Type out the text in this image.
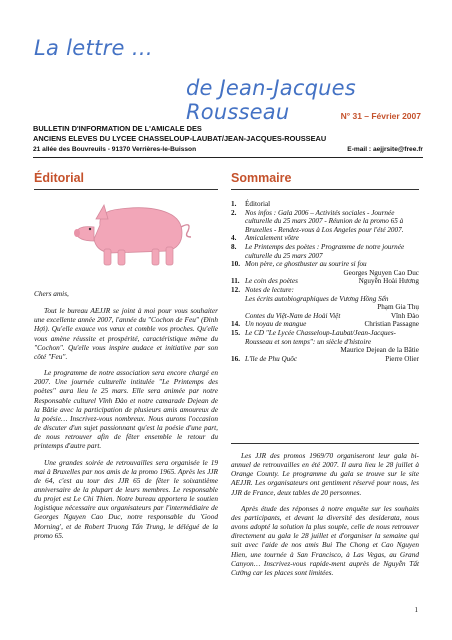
La lettre …
de Jean-Jacques Rousseau	N° 31 – Février 2007
BULLETIN D'INFORMATION DE L'AMICALE DES
ANCIENS ELEVES DU LYCEE CHASSELOUP-LAUBAT/JEAN-JACQUES-ROUSSEAU
21 allée des Bouvreuils - 91370 Verrières-le-Buisson	E-mail : aejjrsite@free.fr
Éditorial	Sommaire

Chers amis,

Tout le bureau AEJJR se joint à moi pour vous souhaiter une excellente année 2007, l'année du "Cochon de Feu" (Đinh Hợi). Qu'elle exauce vos vœux et comble vos proches. Qu'elle vous amène réussite et prospérité, caractéristique même du "Cochon". Qu'elle vous inspire audace et initiative par son côté "Feu".

Le programme de notre association sera encore chargé en 2007. Une journée culturelle intitulée "Le Printemps des poètes" aura lieu le 25 mars. Elle sera animée par notre Responsable culturel Vĩnh Đào et notre camarade Dejean de la Bâtie avec la participation de plusieurs amis amoureux de la poésie… Inscrivez-vous nombreux. Nous aurons l'occasion de discuter d'un sujet passionnant qu'est la poésie d'une part, de nous retrouver afin de fêter ensemble le retour du printemps d'autre part.

Une grandes soirée de retrouvailles sera organisée le 19 mai à Bruxelles par nos amis de la promo 1965. Après les JJR de 64, c'est au tour des JJR 65 de fêter le soixantième anniversaire de la plupart de leurs membres. Le responsable du projet est Le Chi Thien. Notre bureau apportera le soutien logistique nécessaire aux organisateurs par l'intermédiaire de Georges Nguyen Cao Duc, notre responsable du 'Good Morning', et de Robert Truong Tấn Trung, le délégué de la promo 65.

1.	Éditorial
2.	Nos infos : Gala 2006 – Activités sociales - Journée culturelle du 25 mars 2007 - Réunion de la promo 65 à Bruxelles - Rendez-vous à Los Angeles pour l'été 2007.
4.	Amicalement vôtre
8.	Le Printemps des poètes : Programme de notre journée culturelle du 25 mars 2007
10. Mon père, ce ghostbuster au sourire si fou
Georges Nguyen Cao Duc
11. Le coin des poètes	Nguyễn Hoài Hương
12. Notes de lecture:
Les écrits autobiographiques de Vương Hồng Sển
Phạm Gia Thụ
Contes du Việt-Nam de Hoài Việt	Vĩnh Đào
14. Un noyau de mangue	Christian Passagne
15. Le CD "Le Lycée Chasseloup-Laubat/Jean-Jacques-Rousseau et son temps": un siècle d'histoire
Maurice Dejean de la Bâtie
16. L'île de Phu Quôc	Pierre Olier

Les JJR des promos 1969/70 organiseront leur gala bi-annuel de retrouvailles en été 2007. Il aura lieu le 28 juillet à Orange County. Le programme du gala se trouve sur le site AEJJR. Les organisateurs ont gentiment réservé pour nous, les JJR de France, deux tables de 20 personnes.

Après étude des réponses à notre enquête sur les souhaits des participants, et devant la diversité des desiderata, nous avons adopté la solution la plus souple, celle de nous retrouver directement au gala le 28 juillet et d'organiser la semaine qui suit avec l'aide de nos amis Bui The Chong et Cao Nguyen Hien, une tournée à San Francisco, à Las Vegas, au Grand Canyon… Inscrivez-vous rapide-ment auprès de Nguyễn Tất Cường car les places sont limitées.

1
